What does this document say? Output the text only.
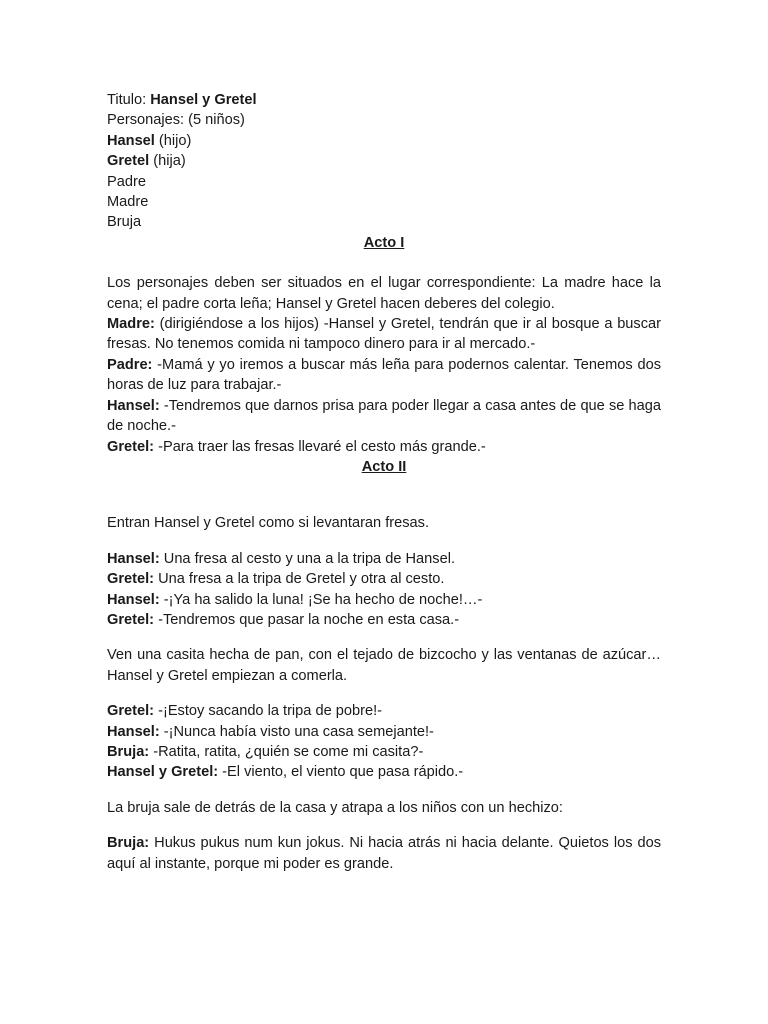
Titulo: Hansel y Gretel
Personajes: (5 niños)
Hansel (hijo)
Gretel (hija)
Padre
Madre
Bruja
Acto I
Los personajes deben ser situados en el lugar correspondiente: La madre hace la cena; el padre corta leña; Hansel y Gretel hacen deberes del colegio.
Madre: (dirigiéndose a los hijos) -Hansel y Gretel, tendrán que ir al bosque a buscar fresas. No tenemos comida ni tampoco dinero para ir al mercado.-
Padre: -Mamá y yo iremos a buscar más leña para podernos calentar. Tenemos dos horas de luz para trabajar.-
Hansel: -Tendremos que darnos prisa para poder llegar a casa antes de que se haga de noche.-
Gretel: -Para traer las fresas llevaré el cesto más grande.-
Acto II
Entran Hansel y Gretel como si levantaran fresas.
Hansel: Una fresa al cesto y una a la tripa de Hansel.
Gretel: Una fresa a la tripa de Gretel y otra al cesto.
Hansel: -¡Ya ha salido la luna! ¡Se ha hecho de noche!…-
Gretel: -Tendremos que pasar la noche en esta casa.-
Ven una casita hecha de pan, con el tejado de bizcocho y las ventanas de azúcar… Hansel y Gretel empiezan a comerla.
Gretel: -¡Estoy sacando la tripa de pobre!-
Hansel: -¡Nunca había visto una casa semejante!-
Bruja: -Ratita, ratita, ¿quién se come mi casita?-
Hansel y Gretel: -El viento, el viento que pasa rápido.-
La bruja sale de detrás de la casa y atrapa a los niños con un hechizo:
Bruja: Hukus pukus num kun jokus. Ni hacia atrás ni hacia delante. Quietos los dos aquí al instante, porque mi poder es grande.
